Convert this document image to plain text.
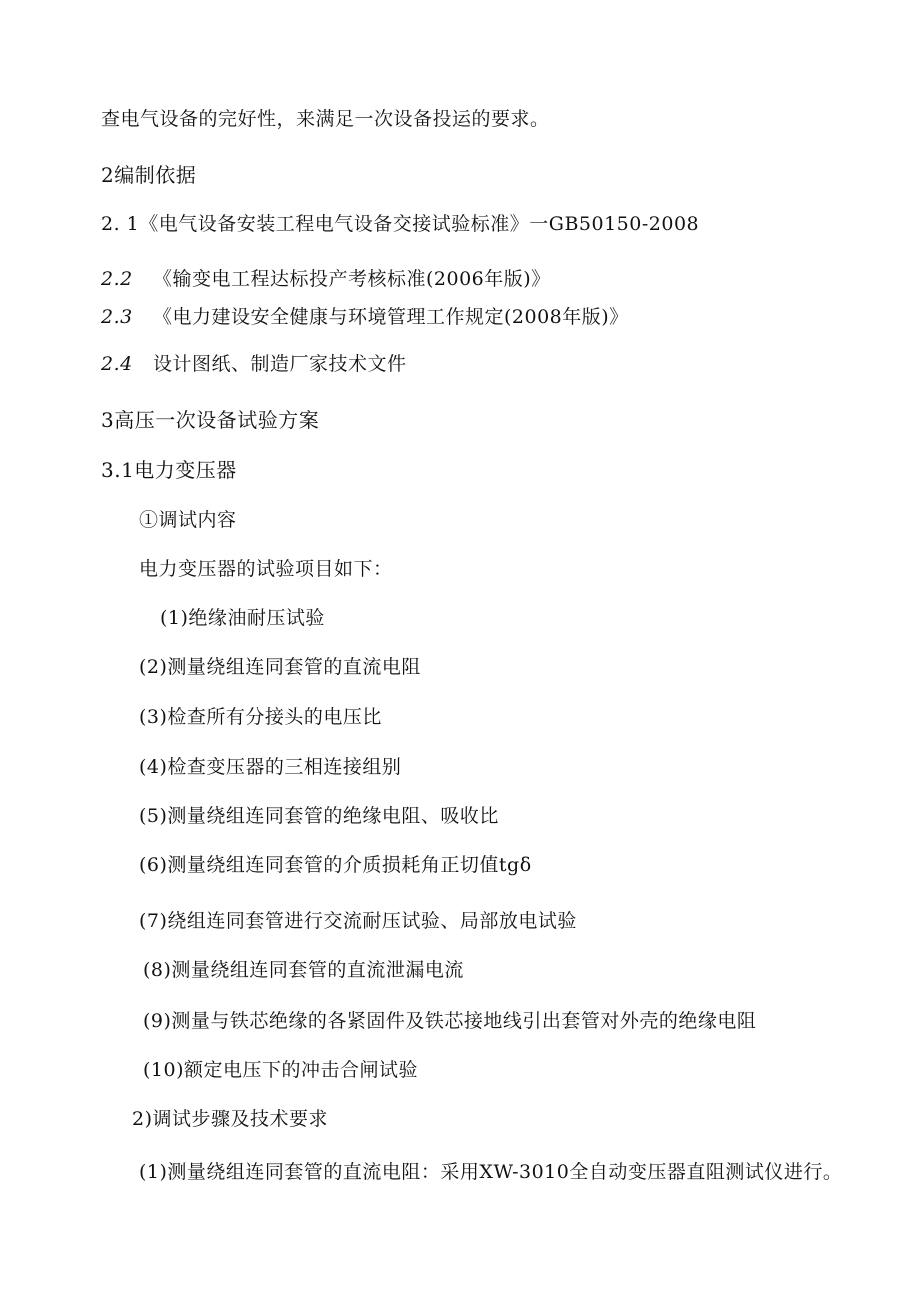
查电气设备的完好性，来满足一次设备投运的要求。
2编制依据
2. 1《电气设备安装工程电气设备交接试验标准》一GB50150-2008
2.2 《输变电工程达标投产考核标准(2006年版)》
2.3 《电力建设安全健康与环境管理工作规定(2008年版)》
2.4 设计图纸、制造厂家技术文件
3高压一次设备试验方案
3.1电力变压器
①调试内容
电力变压器的试验项目如下：
(1)绝缘油耐压试验
(2)测量绕组连同套管的直流电阻
(3)检查所有分接头的电压比
(4)检查变压器的三相连接组别
(5)测量绕组连同套管的绝缘电阻、吸收比
(6)测量绕组连同套管的介质损耗角正切值tgδ
(7)绕组连同套管进行交流耐压试验、局部放电试验
(8)测量绕组连同套管的直流泄漏电流
(9)测量与铁芯绝缘的各紧固件及铁芯接地线引出套管对外壳的绝缘电阻
(10)额定电压下的冲击合闸试验
2)调试步骤及技术要求
(1)测量绕组连同套管的直流电阻：采用XW-3010全自动变压器直阻测试仪进行。
